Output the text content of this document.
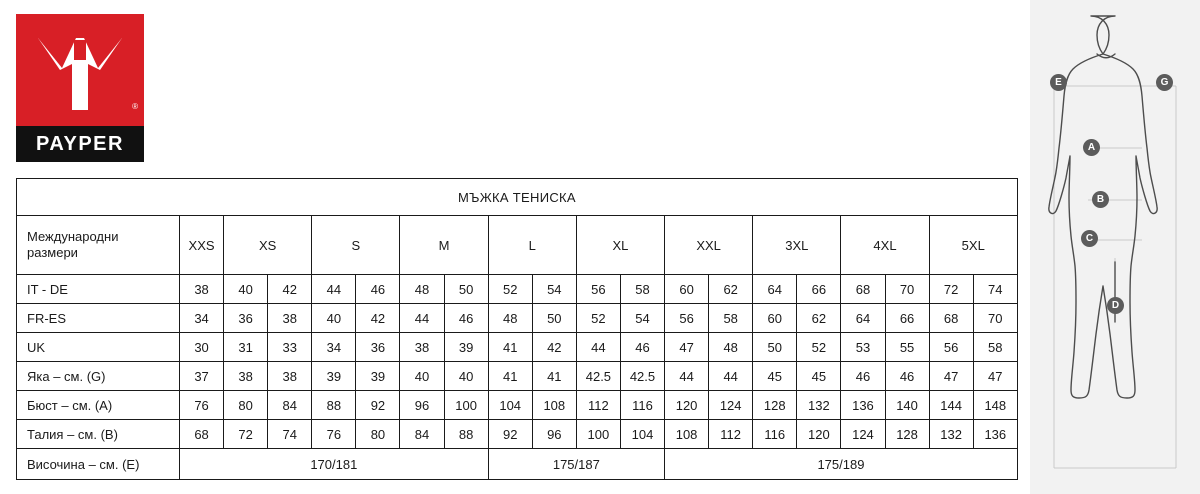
®
PAYPER
МЪЖКА ТЕНИСКА																			
Международни
размери	XXS	XS		S		M		L		XL		XXL		3XL		4XL		5XL	
IT - DE	38	40	42	44	46	48	50	52	54	56	58	60	62	64	66	68	70	72	74
FR-ES	34	36	38	40	42	44	46	48	50	52	54	56	58	60	62	64	66	68	70
UK	30	31	33	34	36	38	39	41	42	44	46	47	48	50	52	53	55	56	58
Яка – см. (G)	37	38	38	39	39	40	40	41	41	42.5	42.5	44	44	45	45	46	46	47	47
Бюст – см. (A)	76	80	84	88	92	96	100	104	108	112	116	120	124	128	132	136	140	144	148
Талия – см. (B)	68	72	74	76	80	84	88	92	96	100	104	108	112	116	120	124	128	132	136
Височина – см. (E)	170/181							175/187				175/189							
E	G
A
B
C
D
